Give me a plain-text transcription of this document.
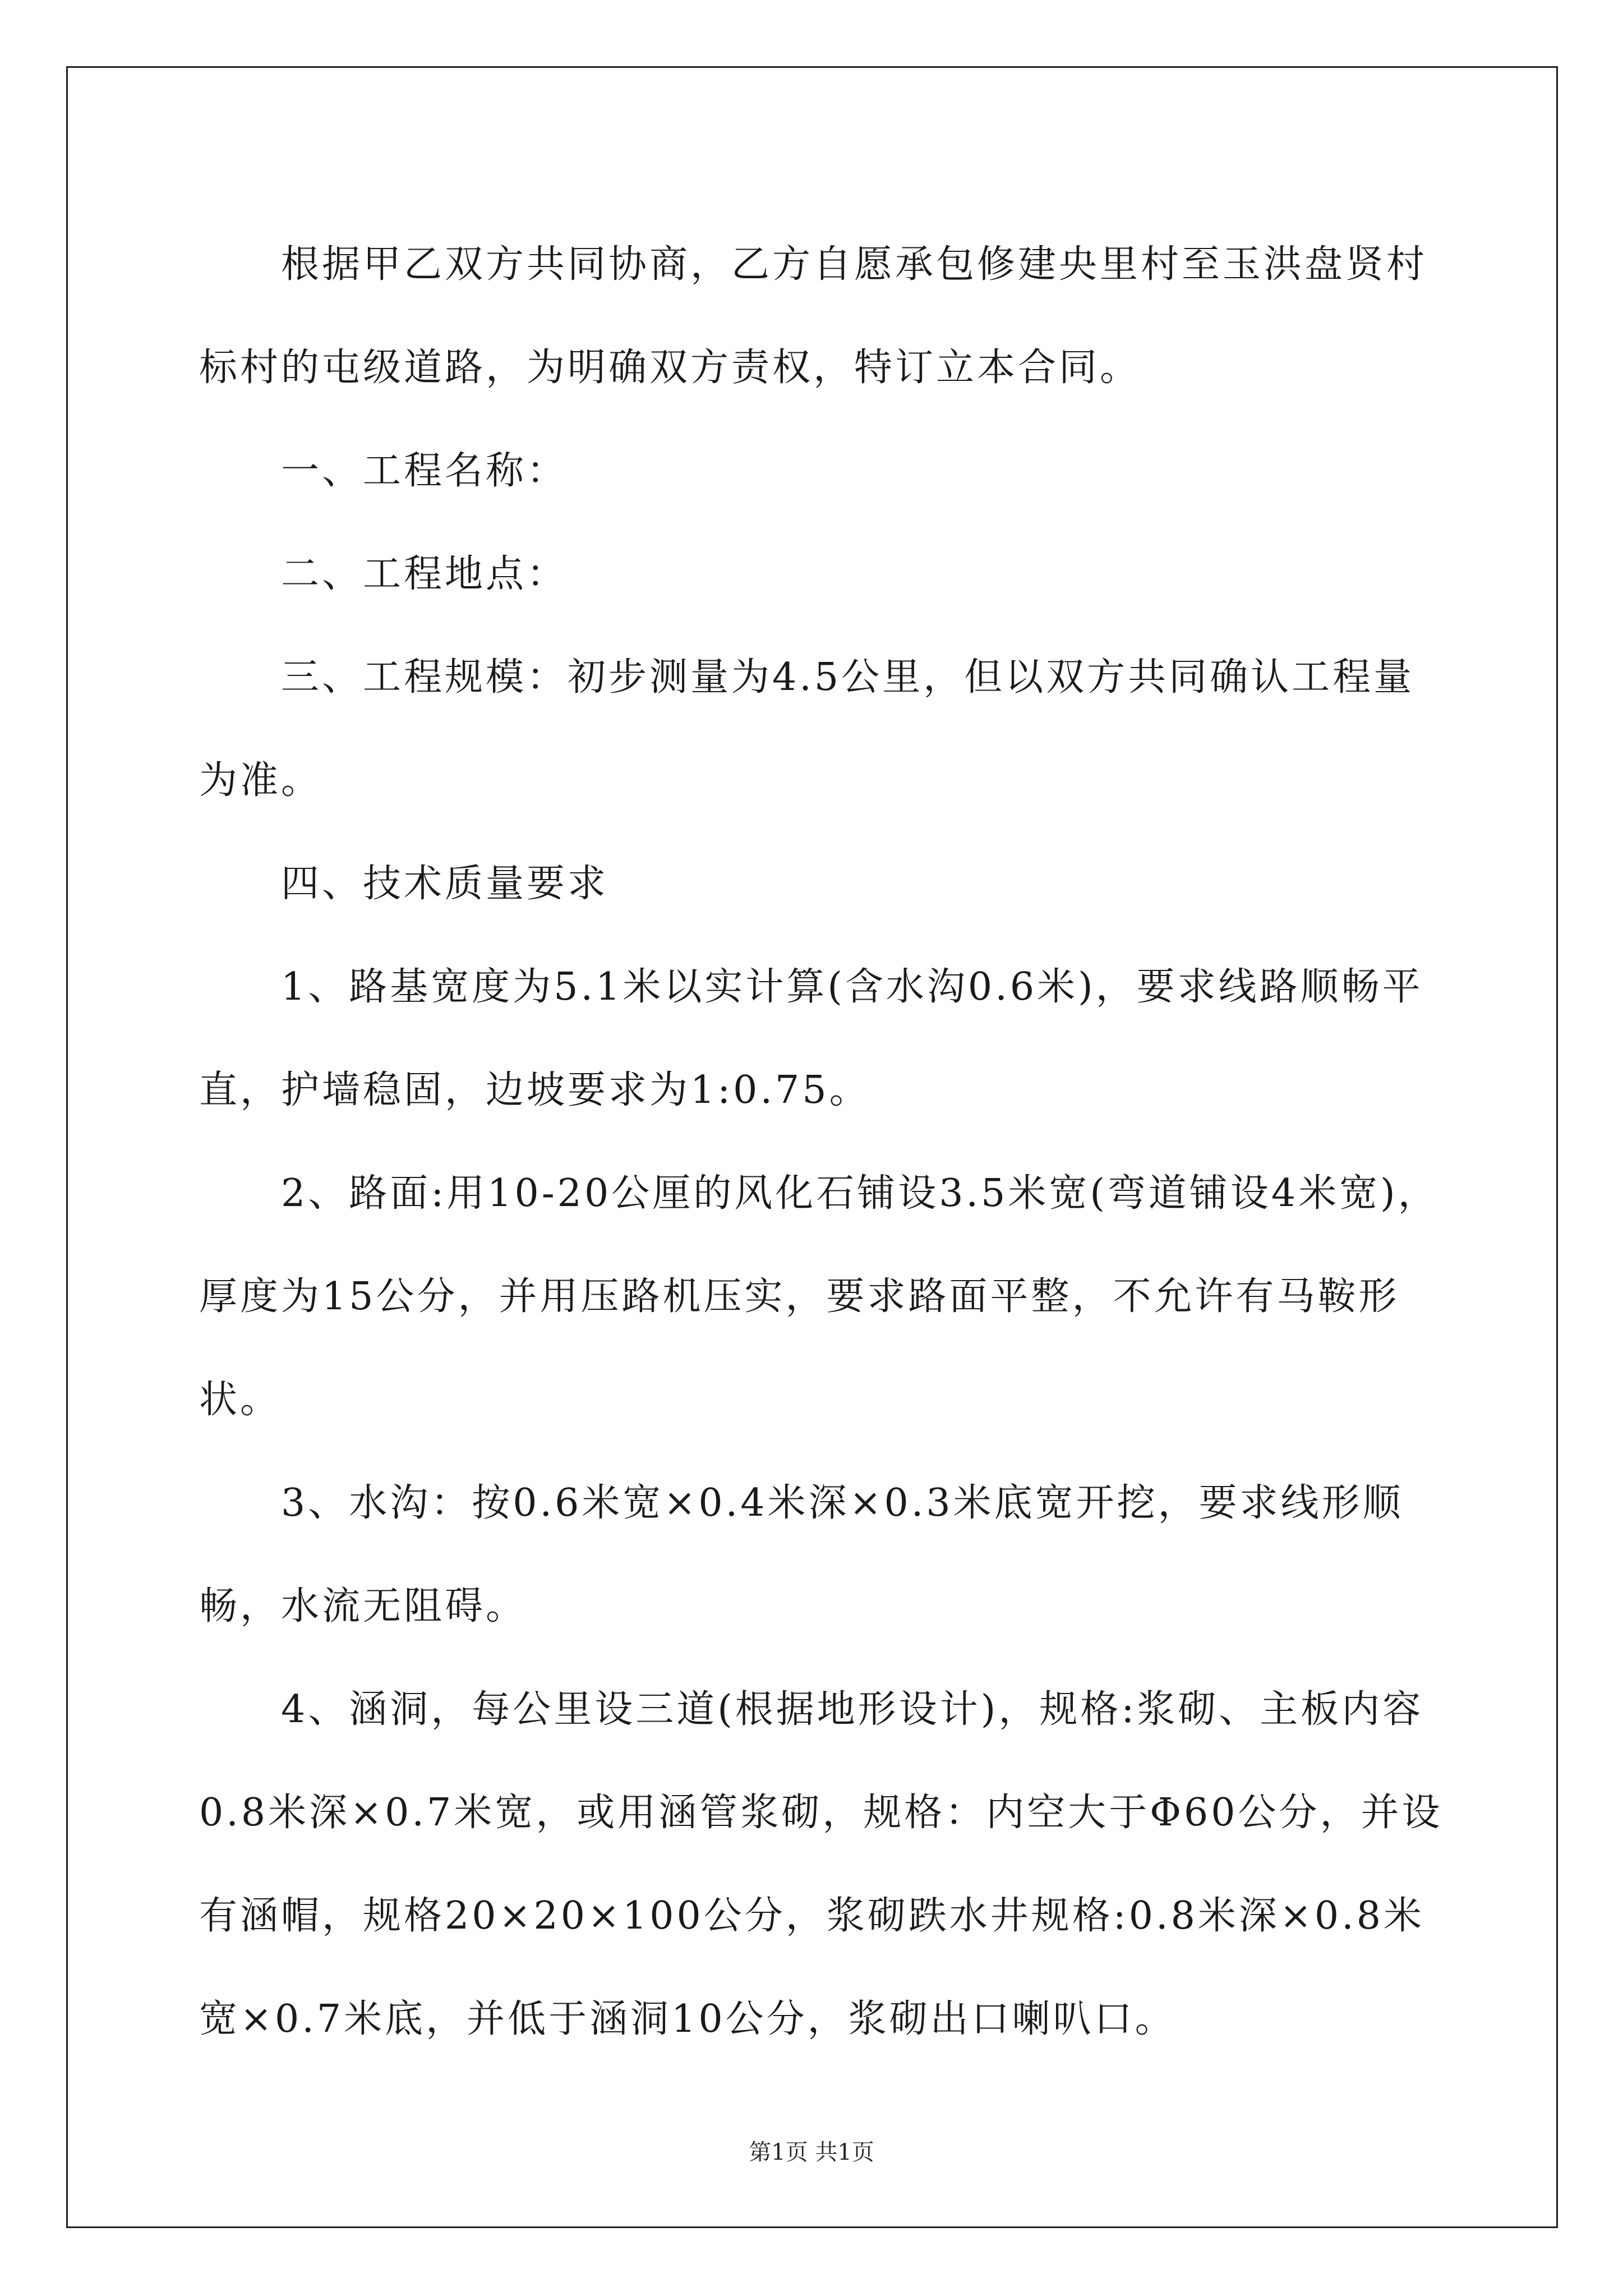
根据甲乙双方共同协商，乙方自愿承包修建央里村至玉洪盘贤村标村的屯级道路，为明确双方责权，特订立本合同。

一、工程名称：

二、工程地点：

三、工程规模：初步测量为4.5公里，但以双方共同确认工程量为准。

四、技术质量要求

1、路基宽度为5.1米以实计算(含水沟0.6米)，要求线路顺畅平直，护墙稳固，边坡要求为1:0.75。

2、路面:用10-20公厘的风化石铺设3.5米宽(弯道铺设4米宽)，厚度为15公分，并用压路机压实，要求路面平整，不允许有马鞍形状。

3、水沟：按0.6米宽×0.4米深×0.3米底宽开挖，要求线形顺畅，水流无阻碍。

4、涵洞，每公里设三道(根据地形设计)，规格:浆砌、主板内容0.8米深×0.7米宽，或用涵管浆砌，规格：内空大于Φ60公分，并设有涵帽，规格20×20×100公分，浆砌跌水井规格:0.8米深×0.8米宽×0.7米底，并低于涵洞10公分，浆砌出口喇叭口。

第1页 共1页
